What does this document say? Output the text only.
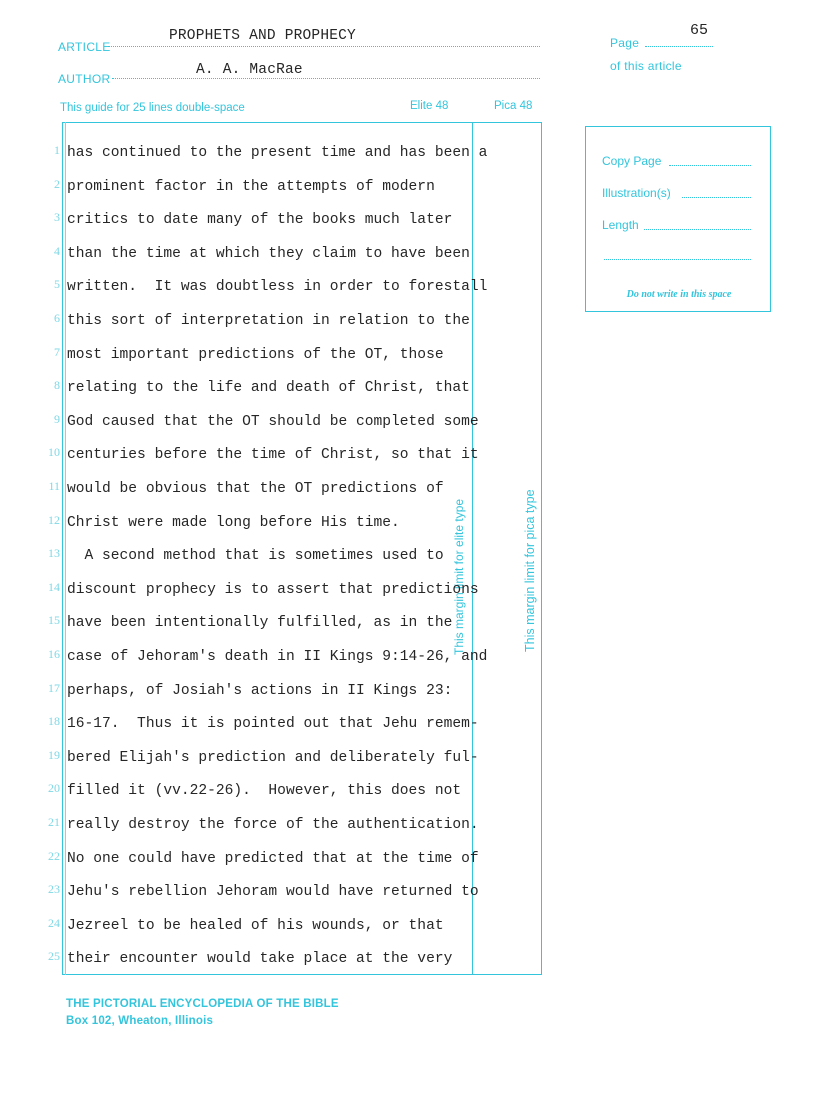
ARTICLE
PROPHETS AND PROPHECY
AUTHOR
A. A. MacRae
Page
65
of this article
This guide for 25 lines double-space	Elite 48	Pica 48
This margin limit for elite type	This margin limit for pica type
1 has continued to the present time and has been a
2 prominent factor in the attempts of modern
3 critics to date many of the books much later
4 than the time at which they claim to have been
5 written.  It was doubtless in order to forestall
6 this sort of interpretation in relation to the
7 most important predictions of the OT, those
8 relating to the life and death of Christ, that
9 God caused that the OT should be completed some
10 centuries before the time of Christ, so that it
11 would be obvious that the OT predictions of
12 Christ were made long before His time.
13 A second method that is sometimes used to
14 discount prophecy is to assert that predictions
15 have been intentionally fulfilled, as in the
16 case of Jehoram's death in II Kings 9:14-26, and
17 perhaps, of Josiah's actions in II Kings 23:
18 16-17.  Thus it is pointed out that Jehu remem-
19 bered Elijah's prediction and deliberately ful-
20 filled it (vv.22-26).  However, this does not
21 really destroy the force of the authentication.
22 No one could have predicted that at the time of
23 Jehu's rebellion Jehoram would have returned to
24 Jezreel to be healed of his wounds, or that
25 their encounter would take place at the very
Copy Page
Illustration(s)
Length
Do not write in this space
THE PICTORIAL ENCYCLOPEDIA OF THE BIBLE
Box 102, Wheaton, Illinois
